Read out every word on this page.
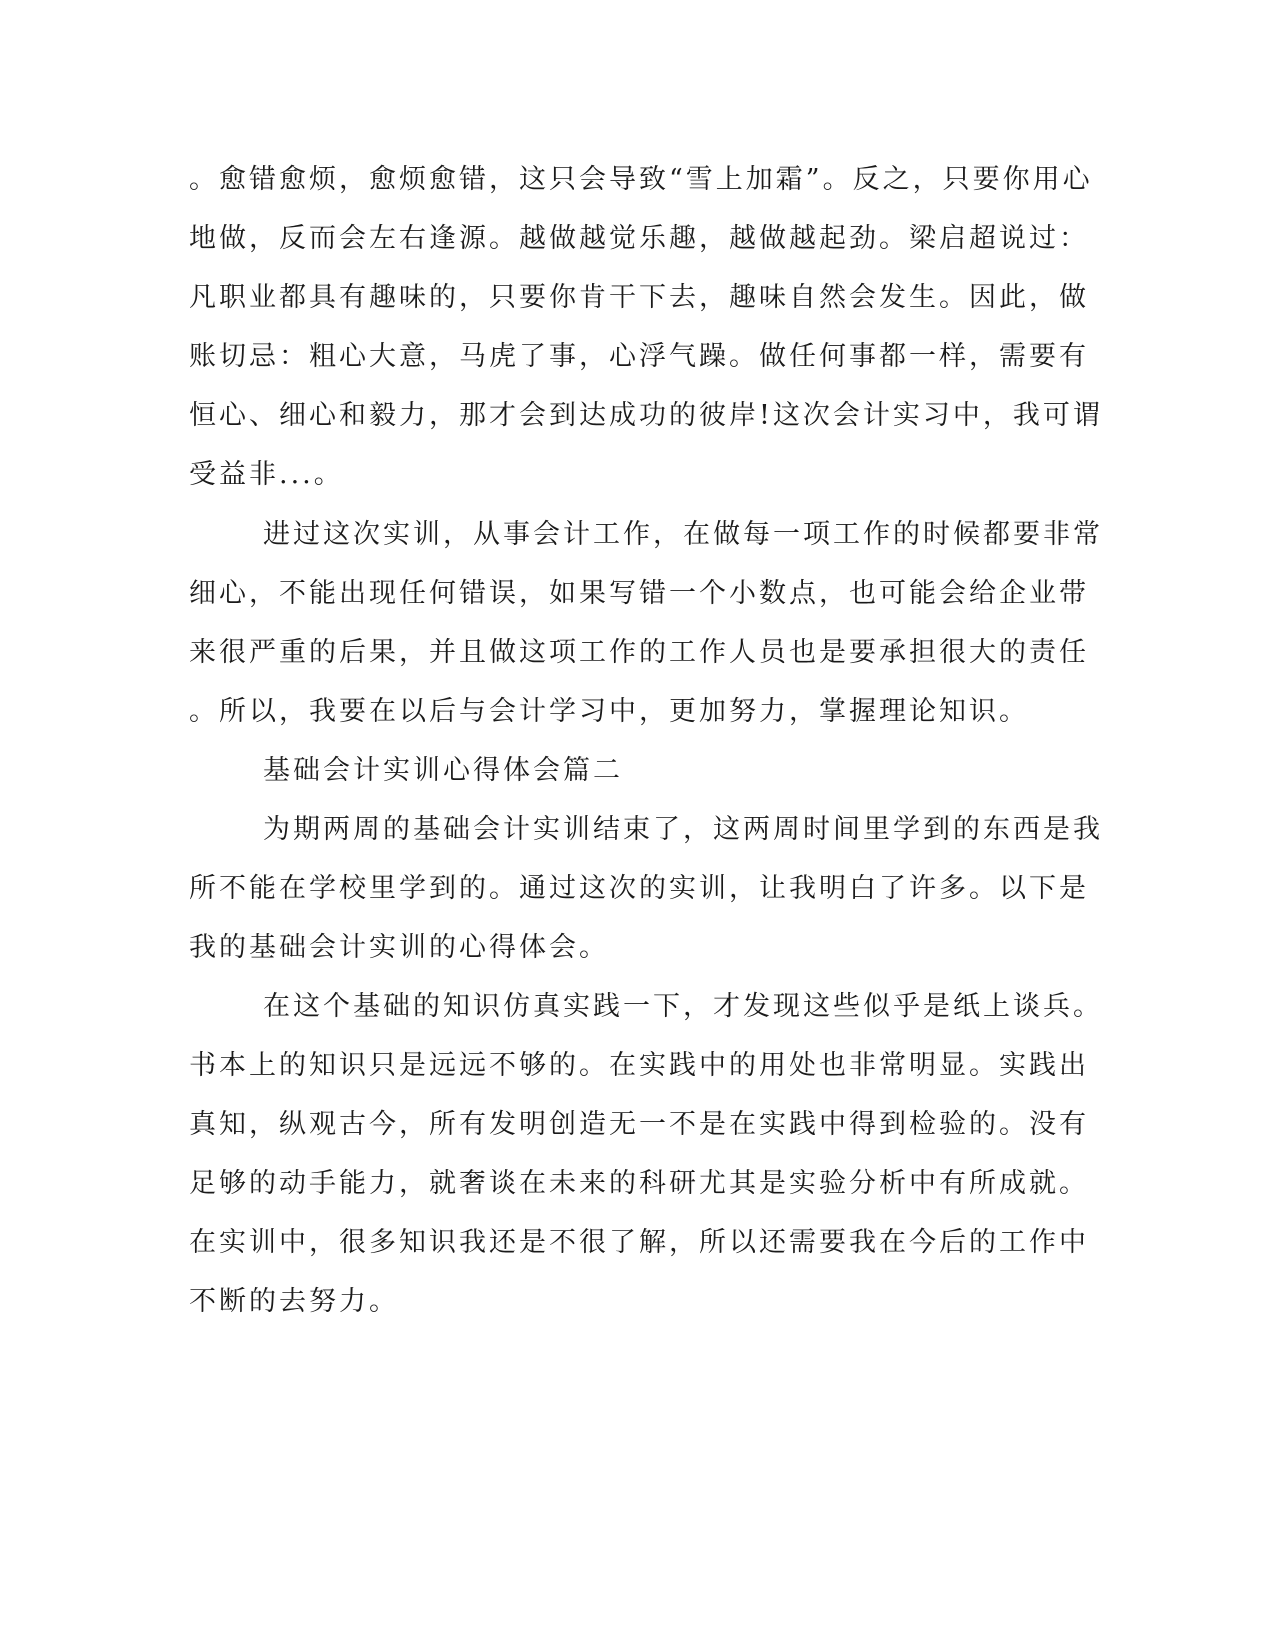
。愈错愈烦，愈烦愈错，这只会导致“雪上加霜”。反之，只要你用心
地做，反而会左右逢源。越做越觉乐趣，越做越起劲。梁启超说过：
凡职业都具有趣味的，只要你肯干下去，趣味自然会发生。因此，做
账切忌：粗心大意，马虎了事，心浮气躁。做任何事都一样，需要有
恒心、细心和毅力，那才会到达成功的彼岸!这次会计实习中，我可谓
受益非...。
进过这次实训，从事会计工作，在做每一项工作的时候都要非常
细心，不能出现任何错误，如果写错一个小数点，也可能会给企业带
来很严重的后果，并且做这项工作的工作人员也是要承担很大的责任
。所以，我要在以后与会计学习中，更加努力，掌握理论知识。
基础会计实训心得体会篇二
为期两周的基础会计实训结束了，这两周时间里学到的东西是我
所不能在学校里学到的。通过这次的实训，让我明白了许多。以下是
我的基础会计实训的心得体会。
在这个基础的知识仿真实践一下，才发现这些似乎是纸上谈兵。
书本上的知识只是远远不够的。在实践中的用处也非常明显。实践出
真知，纵观古今，所有发明创造无一不是在实践中得到检验的。没有
足够的动手能力，就奢谈在未来的科研尤其是实验分析中有所成就。
在实训中，很多知识我还是不很了解，所以还需要我在今后的工作中
不断的去努力。
